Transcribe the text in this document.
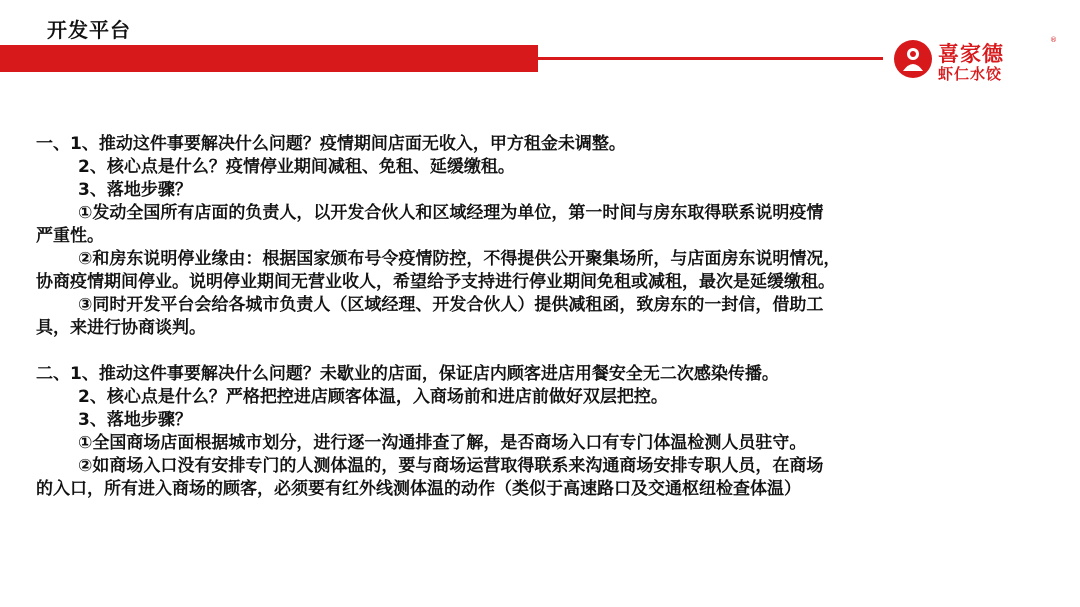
开发平台
喜家德
虾仁水饺
®
一、1、推动这件事要解决什么问题？疫情期间店面无收入，甲方租金未调整。
2、核心点是什么？疫情停业期间减租、免租、延缓缴租。
3、落地步骤？
①发动全国所有店面的负责人，以开发合伙人和区域经理为单位，第一时间与房东取得联系说明疫情
严重性。
②和房东说明停业缘由：根据国家颁布号令疫情防控，不得提供公开聚集场所，与店面房东说明情况，
协商疫情期间停业。说明停业期间无营业收人，希望给予支持进行停业期间免租或减租，最次是延缓缴租。
③同时开发平台会给各城市负责人（区域经理、开发合伙人）提供减租函，致房东的一封信，借助工
具，来进行协商谈判。
二、1、推动这件事要解决什么问题？未歇业的店面，保证店内顾客进店用餐安全无二次感染传播。
2、核心点是什么？严格把控进店顾客体温，入商场前和进店前做好双层把控。
3、落地步骤？
①全国商场店面根据城市划分，进行逐一沟通排查了解，是否商场入口有专门体温检测人员驻守。
②如商场入口没有安排专门的人测体温的，要与商场运营取得联系来沟通商场安排专职人员，在商场
的入口，所有进入商场的顾客，必须要有红外线测体温的动作（类似于高速路口及交通枢纽检查体温）
